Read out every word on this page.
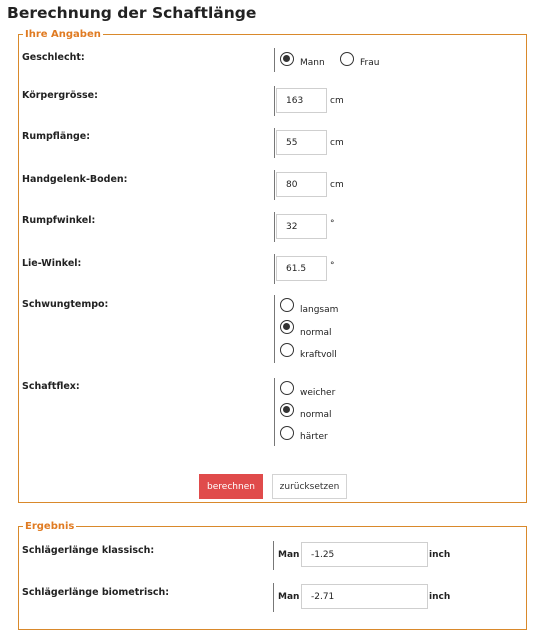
Berechnung der Schaftlänge
Ihre Angaben
Geschlecht:	Mann	Frau
Körpergrösse:
163	cm
Rumpflänge:
55
cm
Handgelenk-Boden:
80	cm
Rumpfwinkel:
32	°
Lie-Winkel:
61.5	°
Schwungtempo:	langsam
normal
kraftvoll
Schaftflex:
weicher
normal
härter
berechnen	zurücksetzen
Ergebnis
Schlägerlänge klassisch:	Man
-1.25	inch
Schlägerlänge biometrisch:	Man
-2.71	inch
